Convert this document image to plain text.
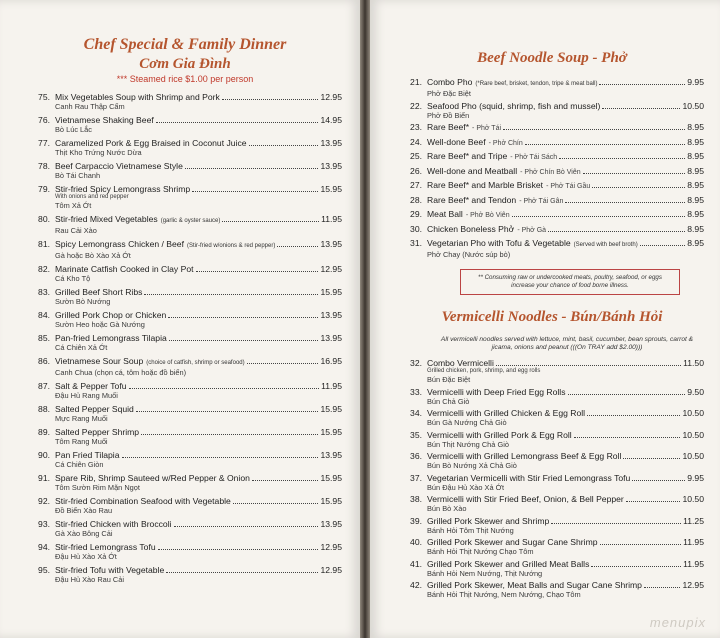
Chef Special & Family Dinner
Cơm Gia Đình
*** Steamed rice $1.00 per person
75. Mix Vegetables Soup with Shrimp and Pork	12.95
Canh Rau Thập Cẩm
76. Vietnamese Shaking Beef	14.95
Bò Lúc Lắc
77. Caramelized Pork & Egg Braised in Coconut Juice	13.95
Thịt Kho Trứng Nước Dừa
78. Beef Carpaccio Vietnamese Style	13.95
Bò Tái Chanh
79. Stir-fried Spicy Lemongrass Shrimp	15.95
With onions and red pepper
Tôm Xả Ớt
80. Stir-fried Mixed Vegetables (garlic & oyster sauce)	11.95
Rau Cải Xào
81. Spicy Lemongrass Chicken / Beef (Stir-fried w/onions & red pepper)	13.95
Gà hoặc Bò Xào Xả Ớt
82. Marinate Catfish Cooked in Clay Pot	12.95
Cá Kho Tộ
83. Grilled Beef Short Ribs	15.95
Sườn Bò Nướng
84. Grilled Pork Chop or Chicken	13.95
Sườn Heo hoặc Gà Nướng
85. Pan-fried Lemongrass Tilapia	13.95
Cá Chiên Xả Ớt
86. Vietnamese Sour Soup (choice of catfish, shrimp or seafood)	16.95
Canh Chua (chọn cá, tôm hoặc đồ biển)
87. Salt & Pepper Tofu	11.95
Đậu Hủ Rang Muối
88. Salted Pepper Squid	15.95
Mực Rang Muối
89. Salted Pepper Shrimp	15.95
Tôm Rang Muối
90. Pan Fried Tilapia	13.95
Cá Chiên Giòn
91. Spare Rib, Shrimp Sauteed w/Red Pepper & Onion	15.95
Tôm Sườn Rim Mặn Ngọt
92. Stir-fried Combination Seafood with Vegetable	15.95
Đồ Biển Xào Rau
93. Stir-fried Chicken with Broccoli	13.95
Gà Xào Bông Cải
94. Stir-fried Lemongrass Tofu	12.95
Đậu Hủ Xào Xả Ớt
95. Stir-fried Tofu with Vegetable	12.95
Đậu Hủ Xào Rau Cải
Beef Noodle Soup - Phở
21. Combo Pho (*Rare beef, brisket, tendon, tripe & meat ball)	9.95
Phở Đặc Biệt
22. Seafood Pho (squid, shrimp, fish and mussel)	10.50
Phở Đồ Biển
23. Rare Beef* - Phở Tái	8.95
24. Well-done Beef - Phở Chín	8.95
25. Rare Beef* and Tripe - Phở Tái Sách	8.95
26. Well-done and Meatball - Phở Chín Bò Viên	8.95
27. Rare Beef* and Marble Brisket - Phở Tái Gầu	8.95
28. Rare Beef* and Tendon - Phở Tái Gân	8.95
29. Meat Ball - Phở Bò Viên	8.95
30. Chicken Boneless Phở - Phở Gà	8.95
31. Vegetarian Pho with Tofu & Vegetable (Served with beef broth)	8.95
Phở Chay (Nước súp bò)
** Consuming raw or undercooked meats, poultry, seafood, or eggs increase your chance of food borne illness.
Vermicelli Noodles - Bún/Bánh Hỏi
All vermicelli noodles served with lettuce, mint, basil, cucumber, bean sprouts, carrot & jicama, onions and peanut (((On TRAY add $2.00)))
32. Combo Vermicelli	11.50
Grilled chicken, pork, shrimp, and egg rolls
Bún Đặc Biệt
33. Vermicelli with Deep Fried Egg Rolls	9.50
Bún Chả Giò
34. Vermicelli with Grilled Chicken & Egg Roll	10.50
Bún Gà Nướng Chả Giò
35. Vermicelli with Grilled Pork & Egg Roll	10.50
Bún Thịt Nướng Chả Giò
36. Vermicelli with Grilled Lemongrass Beef & Egg Roll	10.50
Bún Bò Nướng Xả Chả Giò
37. Vegetarian Vermicelli with Stir Fried Lemongrass Tofu	9.95
Bún Đậu Hủ Xào Xả Ớt
38. Vermicelli with Stir Fried Beef, Onion, & Bell Pepper	10.50
Bún Bò Xào
39. Grilled Pork Skewer and Shrimp	11.25
Bánh Hỏi Tôm Thịt Nướng
40. Grilled Pork Skewer and Sugar Cane Shrimp	11.95
Bánh Hỏi Thịt Nướng Chạo Tôm
41. Grilled Pork Skewer and Grilled Meat Balls	11.95
Bánh Hỏi Nem Nướng, Thịt Nướng
42. Grilled Pork Skewer, Meat Balls and Sugar Cane Shrimp	12.95
Bánh Hỏi Thịt Nướng, Nem Nướng, Chạo Tôm
menupix
